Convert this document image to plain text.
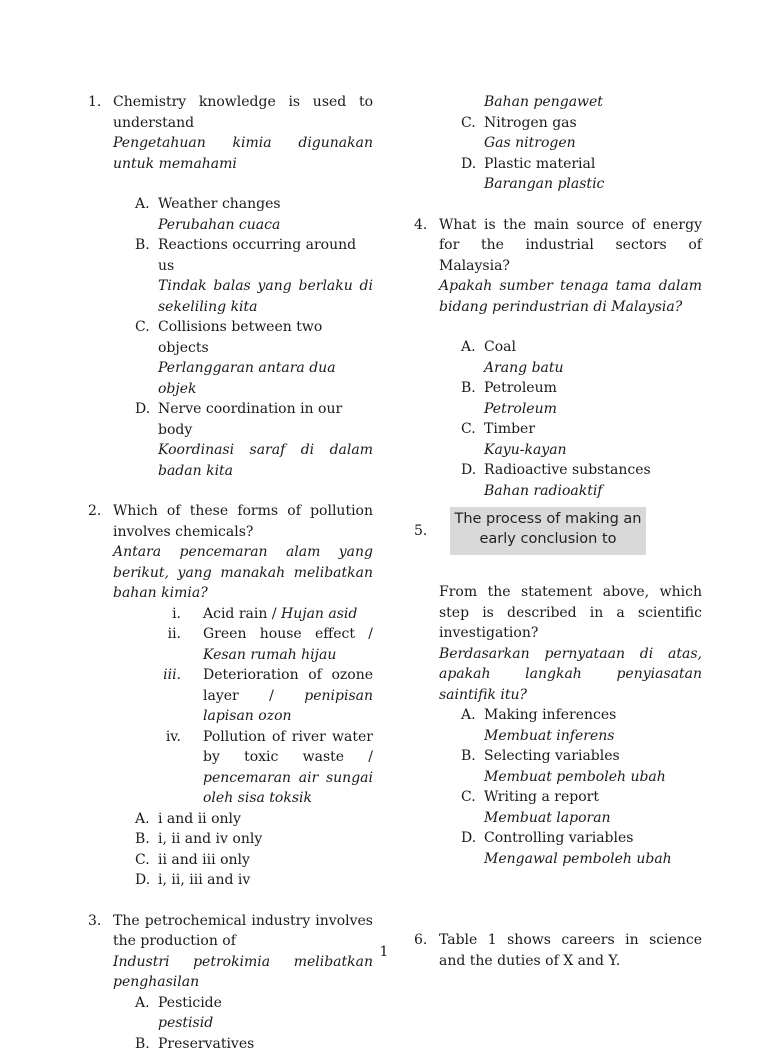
1. Chemistry knowledge is used to understand
Pengetahuan kimia digunakan untuk memahami
A. Weather changes
Perubahan cuaca
B. Reactions occurring around us
Tindak balas yang berlaku di sekeliling kita
C. Collisions between two objects
Perlanggaran antara dua objek
D. Nerve coordination in our body
Koordinasi saraf di dalam badan kita
2. Which of these forms of pollution involves chemicals?
Antara pencemaran alam yang berikut, yang manakah melibatkan bahan kimia?
i. Acid rain / Hujan asid
ii. Green house effect / Kesan rumah hijau
iii. Deterioration of ozone layer / penipisan lapisan ozon
iv. Pollution of river water by toxic waste / pencemaran air sungai oleh sisa toksik
A. i and ii only
B. i, ii and iv only
C. ii and iii only
D. i, ii, iii and iv
3. The petrochemical industry involves the production of
Industri petrokimia melibatkan penghasilan
A. Pesticide
pestisid
B. Preservatives
Bahan pengawet
C. Nitrogen gas
Gas nitrogen
D. Plastic material
Barangan plastic
4. What is the main source of energy for the industrial sectors of Malaysia?
Apakah sumber tenaga tama dalam bidang perindustrian di Malaysia?
A. Coal
Arang batu
B. Petroleum
Petroleum
C. Timber
Kayu-kayan
D. Radioactive substances
Bahan radioaktif
5.
From the statement above, which step is described in a scientific investigation?
Berdasarkan pernyataan di atas, apakah langkah penyiasatan saintifik itu?
A. Making inferences
Membuat inferens
B. Selecting variables
Membuat pemboleh ubah
C. Writing a report
Membuat laporan
D. Controlling variables
Mengawal pemboleh ubah
6. Table 1 shows careers in science and the duties of X and Y.
The process of making an early conclusion to
1
